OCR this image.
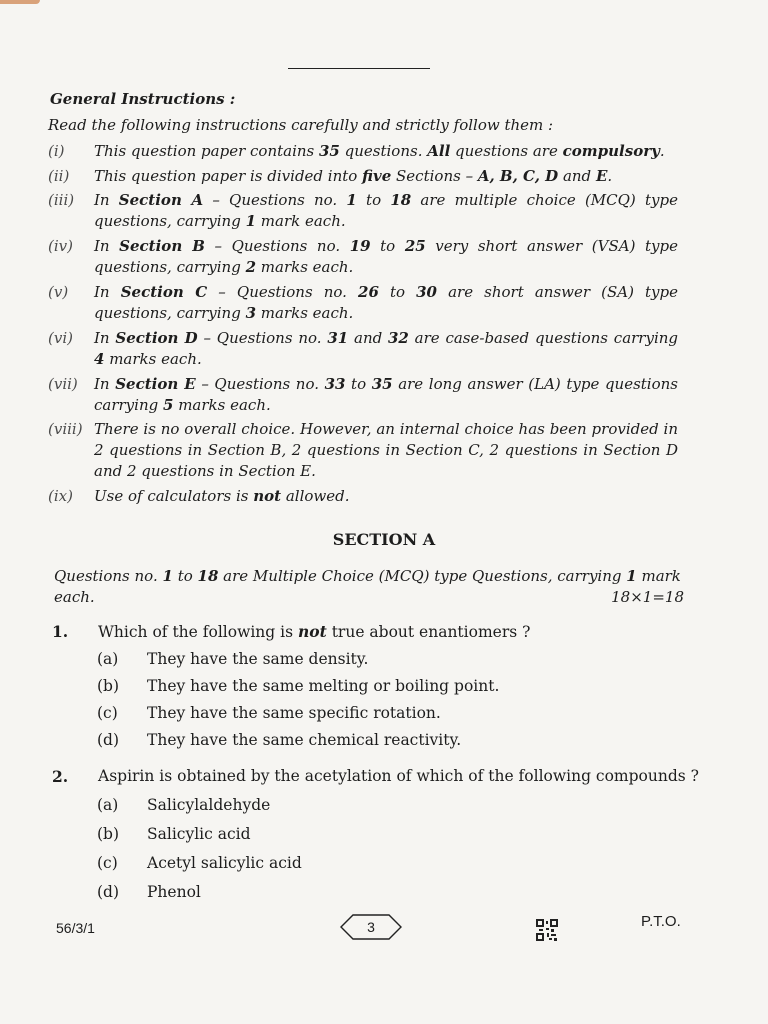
General Instructions :
Read the following instructions carefully and strictly follow them :
(i)	This question paper contains 35 questions. All questions are compulsory.
(ii)	This question paper is divided into five Sections – A, B, C, D and E.
(iii)	In Section A – Questions no. 1 to 18 are multiple choice (MCQ) type questions, carrying 1 mark each.
(iv)	In Section B – Questions no. 19 to 25 very short answer (VSA) type questions, carrying 2 marks each.
(v)	In Section C – Questions no. 26 to 30 are short answer (SA) type questions, carrying 3 marks each.
(vi)	In Section D – Questions no. 31 and 32 are case-based questions carrying 4 marks each.
(vii)	In Section E – Questions no. 33 to 35 are long answer (LA) type questions carrying 5 marks each.
(viii) There is no overall choice. However, an internal choice has been provided in 2 questions in Section B, 2 questions in Section C, 2 questions in Section D and 2 questions in Section E.
(ix)	Use of calculators is not allowed.
SECTION A
Questions no. 1 to 18 are Multiple Choice (MCQ) type Questions, carrying 1 mark each.	18×1=18
1. Which of the following is not true about enantiomers ?
(a) They have the same density.
(b) They have the same melting or boiling point.
(c) They have the same specific rotation.
(d) They have the same chemical reactivity.
2. Aspirin is obtained by the acetylation of which of the following compounds ?
(a) Salicylaldehyde
(b) Salicylic acid
(c) Acetyl salicylic acid
(d) Phenol
56/3/1	3	P.T.O.
